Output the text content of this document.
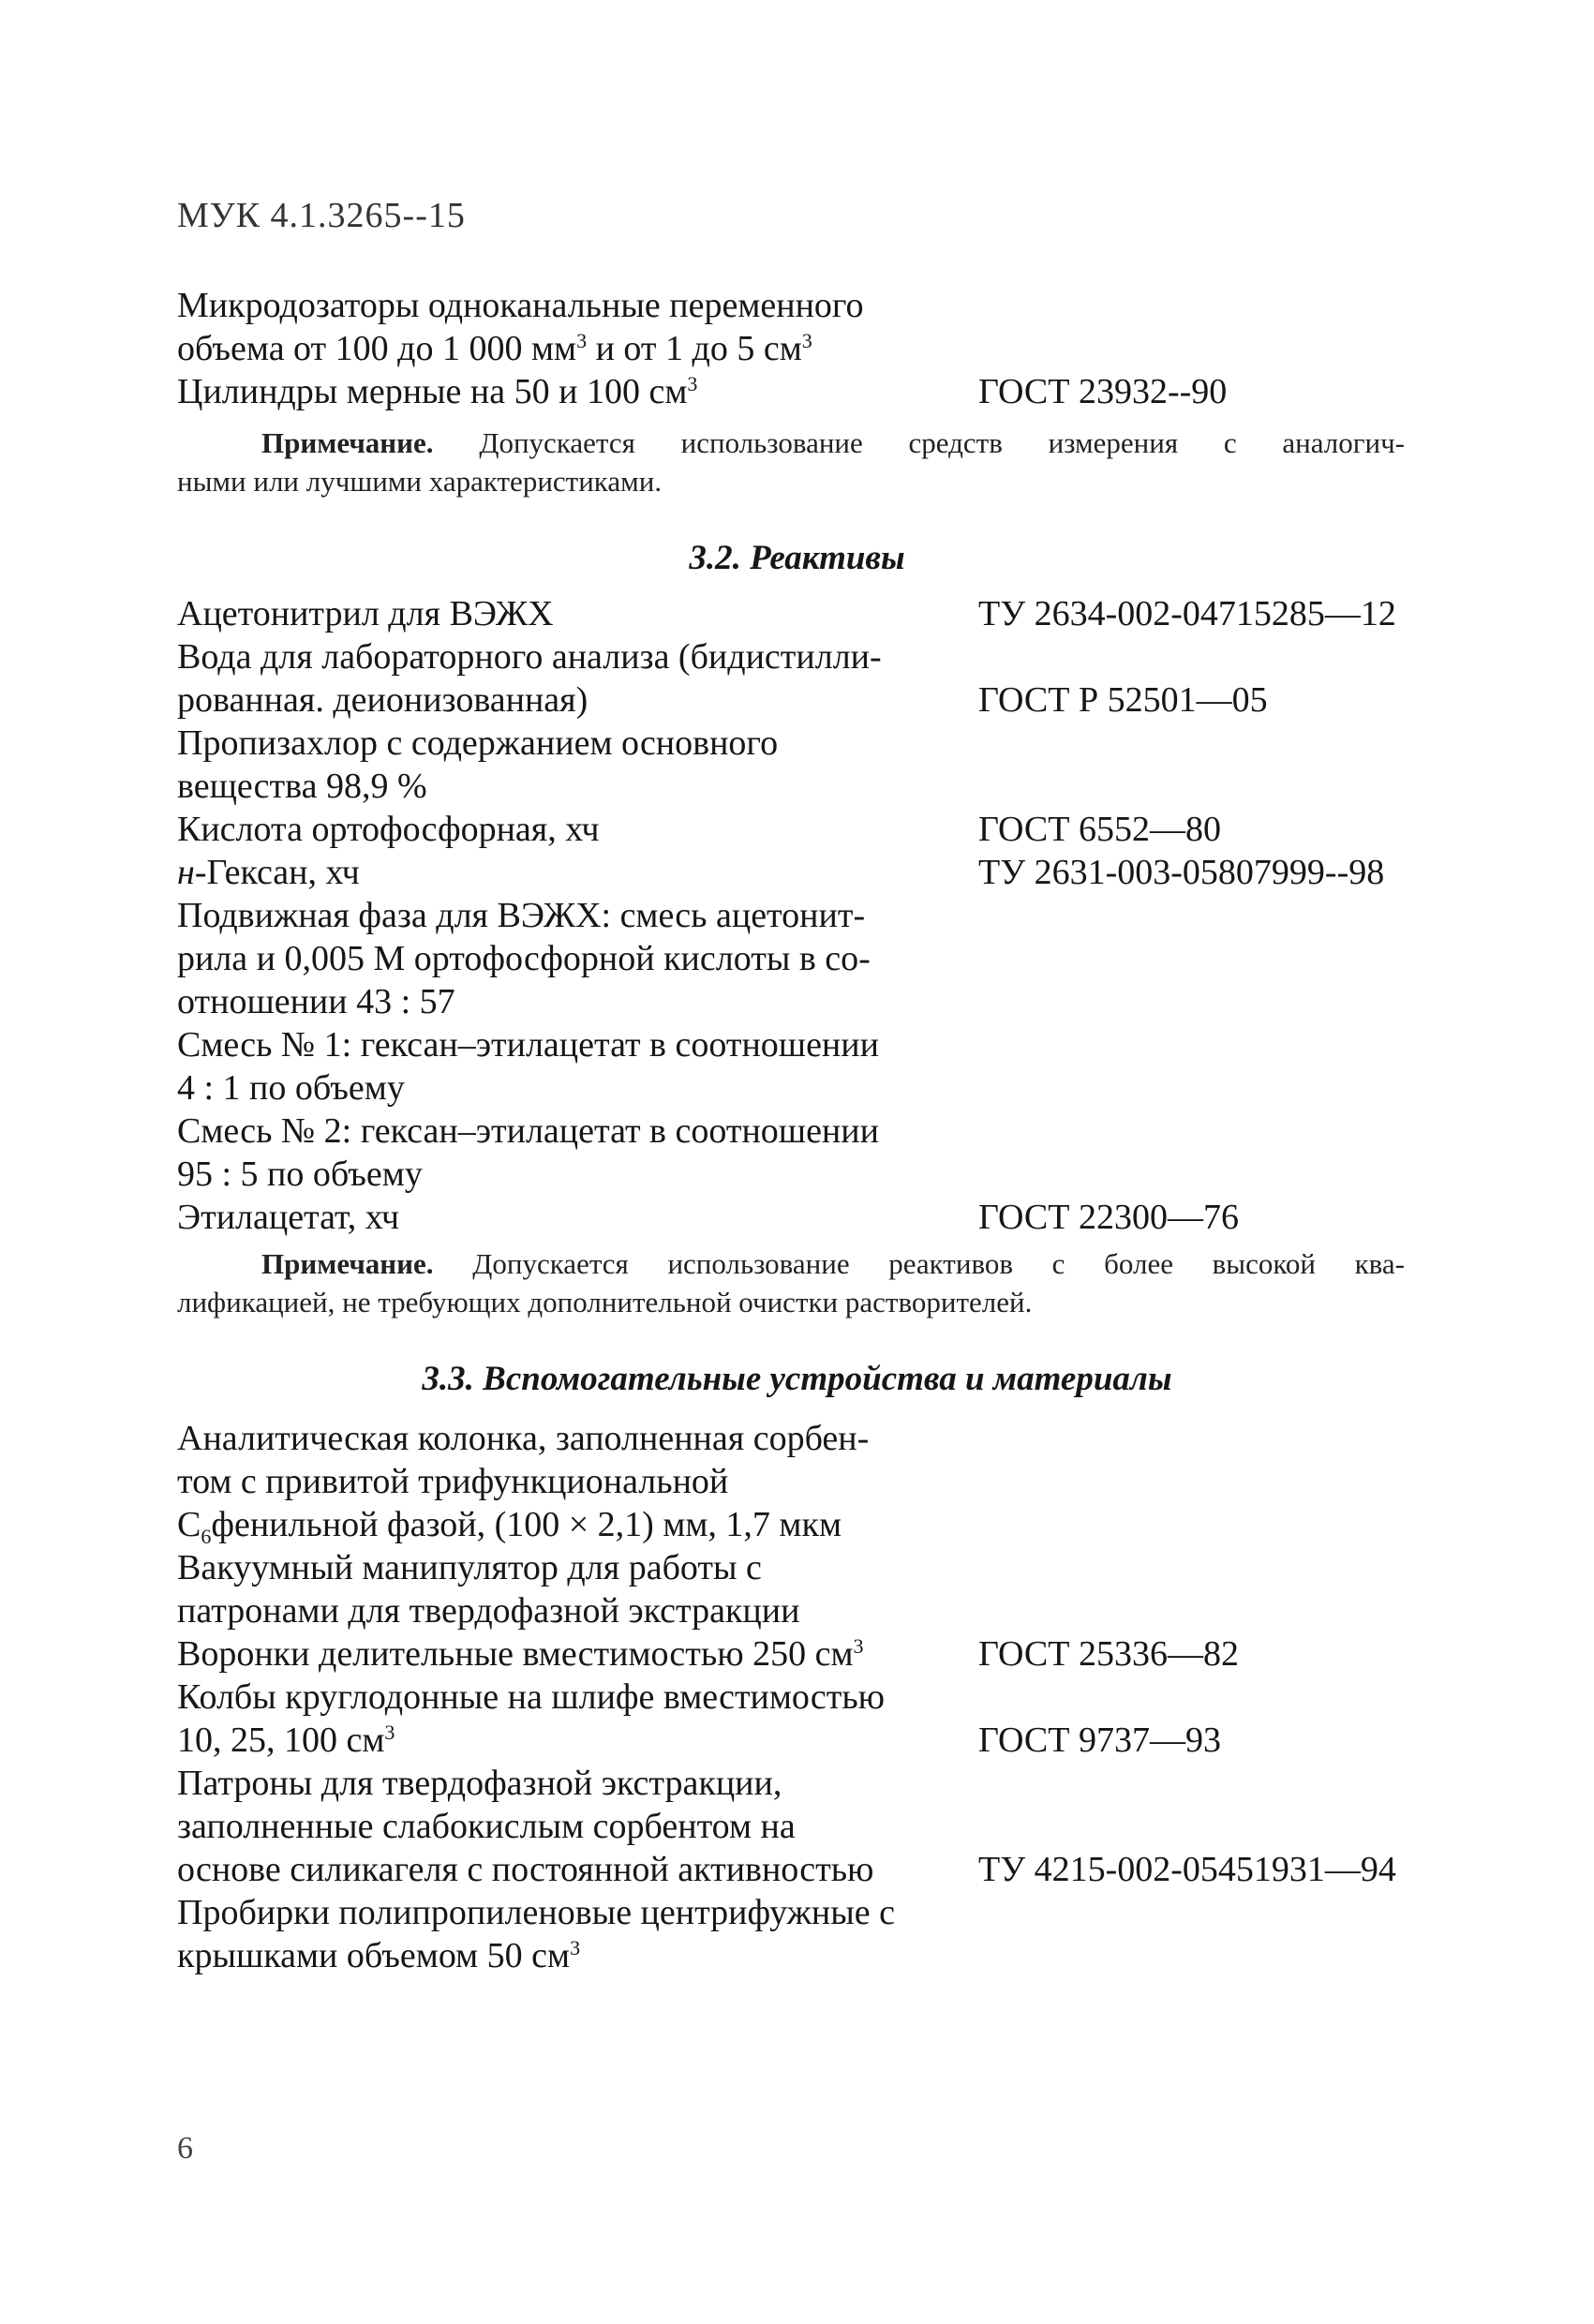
МУК 4.1.3265--15
Микродозаторы одноканальные переменного
объема от 100 до 1 000 $мм^3$ и от 1 до 5 $см^3$
Цилиндры мерные на 50 и 100 $см^3$	ГОСТ 23932--90
Примечание. Допускается использование средств измерения с аналогич-
ными или лучшими характеристиками.
3.2. Реактивы
Ацетонитрил для ВЭЖХ	ТУ 2634-002-04715285—12
Вода для лабораторного анализа (бидистилли-
рованная. деионизованная)	ГОСТ Р 52501—05
Пропизахлор с содержанием основного
вещества 98,9 %
Кислота ортофосфорная, хч	ГОСТ 6552—80
н-Гексан, хч	ТУ 2631-003-05807999--98
Подвижная фаза для ВЭЖХ: смесь ацетонит-
рила и 0,005 М ортофосфорной кислоты в со-
отношении 43 : 57
Смесь № 1: гексан–этилацетат в соотношении
4 : 1 по объему
Смесь № 2: гексан–этилацетат в соотношении
95 : 5 по объему
Этилацетат, хч	ГОСТ 22300—76
Примечание. Допускается использование реактивов с более высокой ква-
лификацией, не требующих дополнительной очистки растворителей.
3.3. Вспомогательные устройства и материалы
Аналитическая колонка, заполненная сорбен-
том с привитой трифункциональной
$C_6фенильной$ фазой, (100 × 2,1) мм, 1,7 мкм
Вакуумный манипулятор для работы с
патронами для твердофазной экстракции
Воронки делительные вместимостью 250 $см^3$	ГОСТ 25336—82
Колбы круглодонные на шлифе вместимостью
10, 25, 100 $см^3$	ГОСТ 9737—93
Патроны для твердофазной экстракции,
заполненные слабокислым сорбентом на
основе силикагеля с постоянной активностью	ТУ 4215-002-05451931—94
Пробирки полипропиленовые центрифужные с
крышками объемом 50 $см^3$
6
